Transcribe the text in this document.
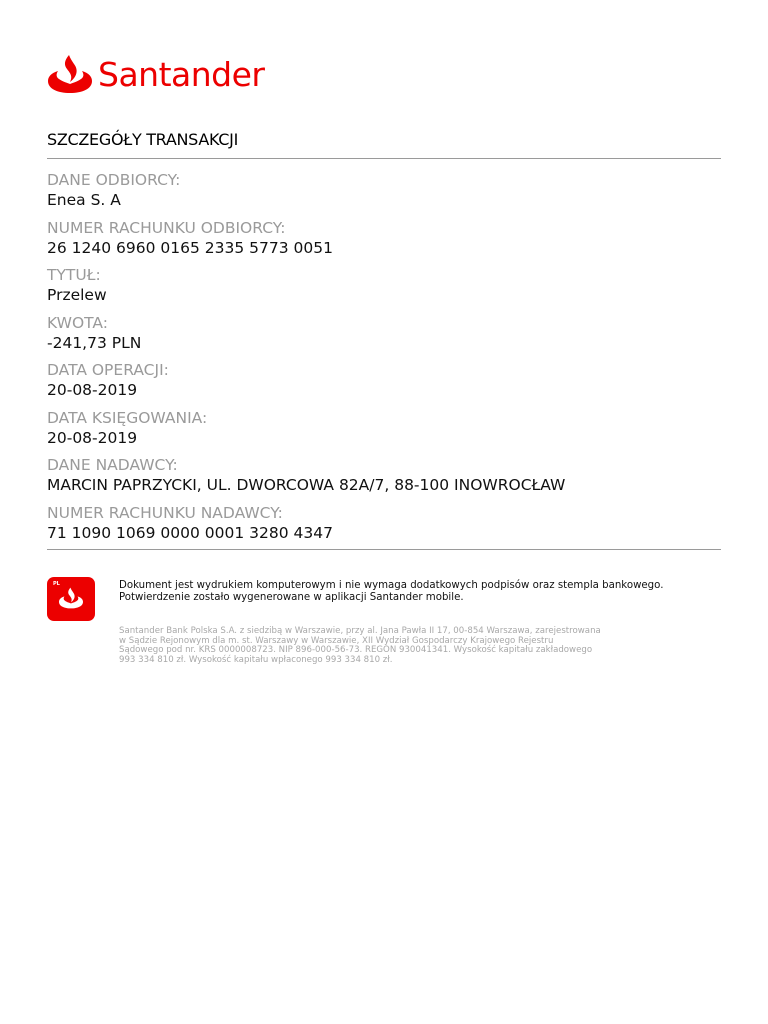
Santander
SZCZEGÓŁY TRANSAKCJI
DANE ODBIORCY:
Enea S. A
NUMER RACHUNKU ODBIORCY:
26 1240 6960 0165 2335 5773 0051
TYTUŁ:
Przelew
KWOTA:
-241,73 PLN
DATA OPERACJI:
20-08-2019
DATA KSIĘGOWANIA:
20-08-2019
DANE NADAWCY:
MARCIN PAPRZYCKI, UL. DWORCOWA 82A/7, 88-100 INOWROCŁAW
NUMER RACHUNKU NADAWCY:
71 1090 1069 0000 0001 3280 4347
PL	Dokument jest wydrukiem komputerowym i nie wymaga dodatkowych podpisów oraz stempla bankowego.
Potwierdzenie zostało wygenerowane w aplikacji Santander mobile.
Santander Bank Polska S.A. z siedzibą w Warszawie, przy al. Jana Pawła II 17, 00-854 Warszawa, zarejestrowana
w Sądzie Rejonowym dla m. st. Warszawy w Warszawie, XII Wydział Gospodarczy Krajowego Rejestru
Sądowego pod nr. KRS 0000008723. NIP 896-000-56-73. REGON 930041341. Wysokość kapitału zakładowego
993 334 810 zł. Wysokość kapitału wpłaconego 993 334 810 zł.
